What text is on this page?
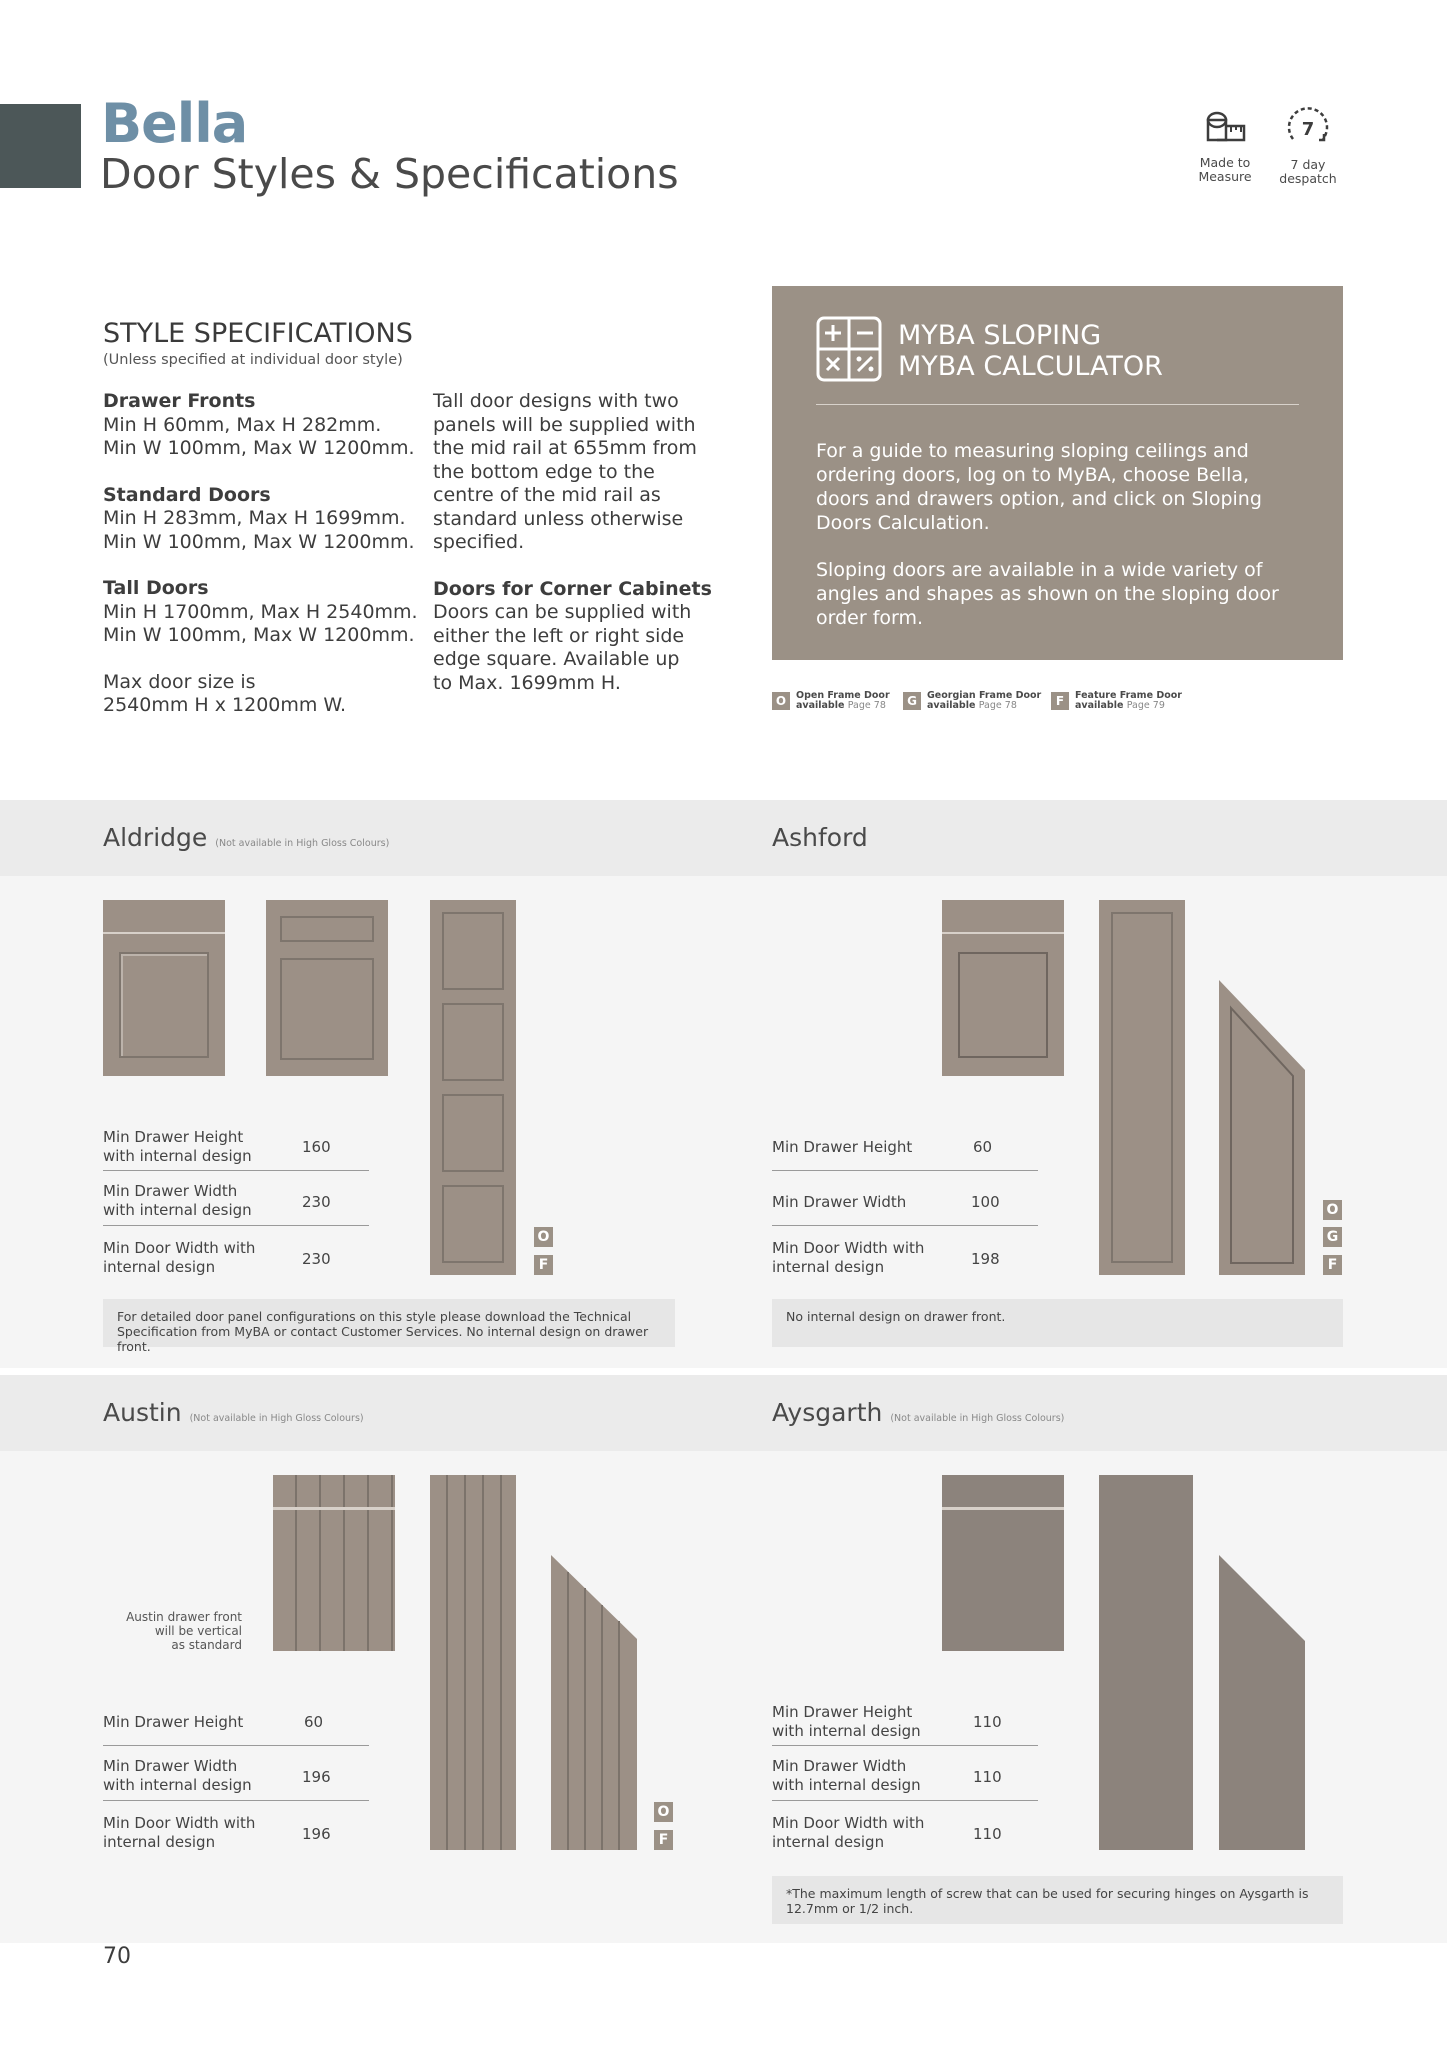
Bella
Door Styles & Specifications	Made to
Measure
7
7 day
despatch
STYLE SPECIFICATIONS
(Unless specified at individual door style)
Drawer Fronts
Min H 60mm, Max H 282mm.
Min W 100mm, Max W 1200mm.
Standard Doors
Min H 283mm, Max H 1699mm.
Min W 100mm, Max W 1200mm.
Tall Doors
Min H 1700mm, Max H 2540mm.
Min W 100mm, Max W 1200mm.
Max door size is
2540mm H x 1200mm W.
Tall door designs with two
panels will be supplied with
the mid rail at 655mm from
the bottom edge to the
centre of the mid rail as
standard unless otherwise
specified.
Doors for Corner Cabinets
Doors can be supplied with
either the left or right side
edge square. Available up
to Max. 1699mm H.
MYBA SLOPING
MYBA CALCULATOR
For a guide to measuring sloping ceilings and ordering doors, log on to MyBA, choose Bella, doors and drawers option, and click on Sloping Doors Calculation.
Sloping doors are available in a wide variety of angles and shapes as shown on the sloping door order form.
O	Open Frame Door
available Page 78	G	Georgian Frame Door
available Page 78	F	Feature Frame Door
available Page 79
Aldridge (Not available in High Gloss Colours)
O
F
Min Drawer Height
with internal design	160
Min Drawer Width
with internal design	230
Min Door Width with
internal design	230
For detailed door panel configurations on this style please download the Technical Specification from MyBA or contact Customer Services. No internal design on drawer front.
Ashford
O
G
F
Min Drawer Height	60
Min Drawer Width	100
Min Door Width with
internal design	198
No internal design on drawer front.
Austin (Not available in High Gloss Colours)
Austin drawer front
will be vertical
as standard
O
F
Min Drawer Height	60
Min Drawer Width
with internal design	196
Min Door Width with
internal design	196
Aysgarth (Not available in High Gloss Colours)
Min Drawer Height
with internal design	110
Min Drawer Width
with internal design	110
Min Door Width with
internal design	110
*The maximum length of screw that can be used for securing hinges on Aysgarth is 12.7mm or 1/2 inch.
70
